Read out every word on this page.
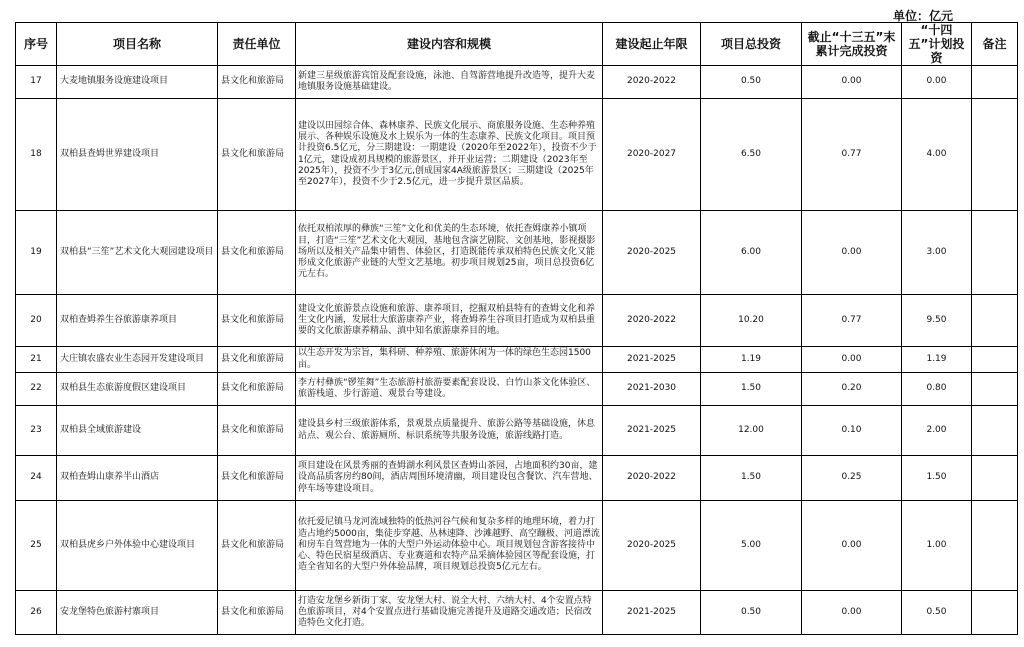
单位：亿元
序号	项目名称	责任单位	建设内容和规模	建设起止年限	项目总投资	截止“十三五”末累计完成投资	“十四五”计划投资	备注
17	大麦地镇服务设施建设项目	县文化和旅游局	新建三星级旅游宾馆及配套设施，泳池、自驾游营地提升改造等，提升大麦地镇服务设施基础建设。	2020-2022	0.50	0.00	0.00	
18	双柏县查姆世界建设项目	县文化和旅游局	建设以田园综合体、森林康养、民族文化展示、商旅服务设施、生态种养殖展示、各种娱乐设施及水上娱乐为一体的生态康养、民族文化项目。项目预计投资6.5亿元，分三期建设：一期建设（2020年至2022年），投资不少于1亿元，建设成初具规模的旅游景区，并开业运营；二期建设（2023年至2025年），投资不少于3亿元,创成国家4A级旅游景区；三期建设（2025年至2027年），投资不少于2.5亿元，进一步提升景区品质。	2020-2027	6.50	0.77	4.00	
19	双柏县“三笙”艺术文化大观园建设项目	县文化和旅游局	依托双柏浓厚的彝族“三笙”文化和优美的生态环境，依托查姆康养小镇项目，打造“三笙”艺术文化大观园，基地包含演艺剧院、文创基地，影视摄影场所以及相关产品集中销售、体验区，打造既能传承双柏特色民族文化又能形成文化旅游产业链的大型文艺基地。初步项目规划25亩，项目总投资6亿元左右。	2020-2025	6.00	0.00	3.00	
20	双柏查姆养生谷旅游康养项目	县文化和旅游局	建设文化旅游景点设施和旅游、康养项目，挖掘双柏县特有的查姆文化和养生文化内涵，发展壮大旅游康养产业，将查姆养生谷项目打造成为双柏县重要的文化旅游康养精品、滇中知名旅游康养目的地。	2020-2022	10.20	0.77	9.50	
21	大庄镇农盛农业生态园开发建设项目	县文化和旅游局	以生态开发为宗旨，集科研、种养殖、旅游休闲为一体的绿色生态园1500亩。	2021-2025	1.19	0.00	1.19	
22	双柏县生态旅游度假区建设项目	县文化和旅游局	李方村彝族“锣笙舞”生态旅游村旅游要素配套设设、白竹山茶文化体验区、旅游栈道、步行游道、观景台等建设。	2021-2030	1.50	0.20	0.80	
23	双柏县全域旅游建设	县文化和旅游局	建设县乡村三级旅游体系，景观景点质量提升、旅游公路等基础设施，休息站点、观公台、旅游厕所、标识系统等共服务设施，旅游线路打造。	2021-2025	12.00	0.10	2.00	
24	双柏查姆山康养半山酒店	县文化和旅游局	项目建设在风景秀丽的查姆湖水利风景区查姆山茶园，占地面积约30亩，建设高品质客房约80间，酒店周围环境清幽，项目建设包含餐饮、汽车营地、停车场等建设项目。	2020-2022	1.50	0.25	1.50	
25	双柏县虎乡户外体验中心建设项目	县文化和旅游局	依托爱尼镇马龙河流域独特的低热河谷气候和复杂多样的地理环境，着力打造占地约5000亩，集徒步穿越、丛林速降、沙滩越野、高空蹦极、河道漂流和房车自驾营地为一体的大型户外运动体验中心。项目规划包含游客接待中心、特色民宿星级酒店、专业赛道和农特产品采摘体验园区等配套设施，打造全省知名的大型户外体验品牌，项目规划总投资5亿元左右。	2020-2025	5.00	0.00	1.00	
26	安龙堡特色旅游村寨项目	县文化和旅游局	打造安龙堡乡新街丁家、安龙堡大村、说全大村、六纳大村、4个安置点特色旅游项目，对4个安置点进行基础设施完善提升及道路交通改造；民宿改造特色文化打造。	2021-2025	0.50	0.00	0.50	
